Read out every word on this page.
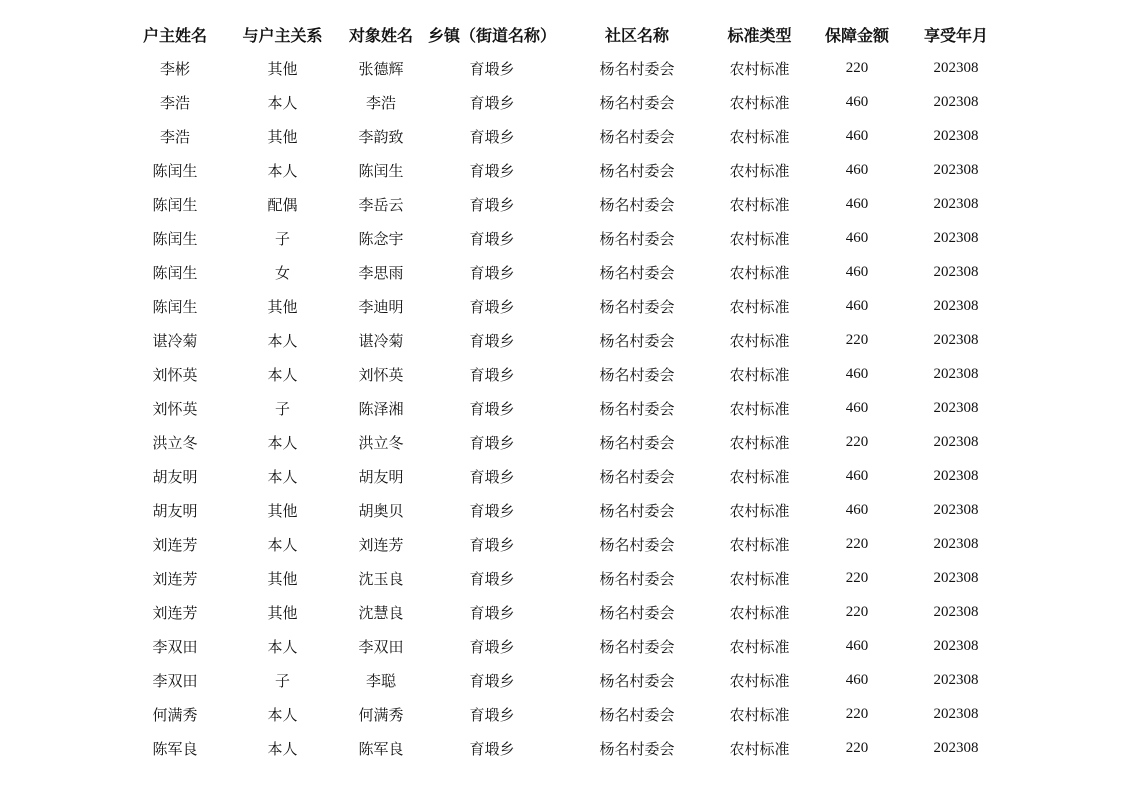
户主姓名	与户主关系	对象姓名	乡镇（街道名称）	社区名称	标准类型	保障金额	享受年月
李彬	其他	张德辉	育塅乡	杨名村委会	农村标准	220	202308
李浩	本人	李浩	育塅乡	杨名村委会	农村标准	460	202308
李浩	其他	李韵致	育塅乡	杨名村委会	农村标准	460	202308
陈闰生	本人	陈闰生	育塅乡	杨名村委会	农村标准	460	202308
陈闰生	配偶	李岳云	育塅乡	杨名村委会	农村标准	460	202308
陈闰生	子	陈念宇	育塅乡	杨名村委会	农村标准	460	202308
陈闰生	女	李思雨	育塅乡	杨名村委会	农村标准	460	202308
陈闰生	其他	李迪明	育塅乡	杨名村委会	农村标准	460	202308
谌冷菊	本人	谌冷菊	育塅乡	杨名村委会	农村标准	220	202308
刘怀英	本人	刘怀英	育塅乡	杨名村委会	农村标准	460	202308
刘怀英	子	陈泽湘	育塅乡	杨名村委会	农村标准	460	202308
洪立冬	本人	洪立冬	育塅乡	杨名村委会	农村标准	220	202308
胡友明	本人	胡友明	育塅乡	杨名村委会	农村标准	460	202308
胡友明	其他	胡奥贝	育塅乡	杨名村委会	农村标准	460	202308
刘连芳	本人	刘连芳	育塅乡	杨名村委会	农村标准	220	202308
刘连芳	其他	沈玉良	育塅乡	杨名村委会	农村标准	220	202308
刘连芳	其他	沈慧良	育塅乡	杨名村委会	农村标准	220	202308
李双田	本人	李双田	育塅乡	杨名村委会	农村标准	460	202308
李双田	子	李聪	育塅乡	杨名村委会	农村标准	460	202308
何满秀	本人	何满秀	育塅乡	杨名村委会	农村标准	220	202308
陈军良	本人	陈军良	育塅乡	杨名村委会	农村标准	220	202308
